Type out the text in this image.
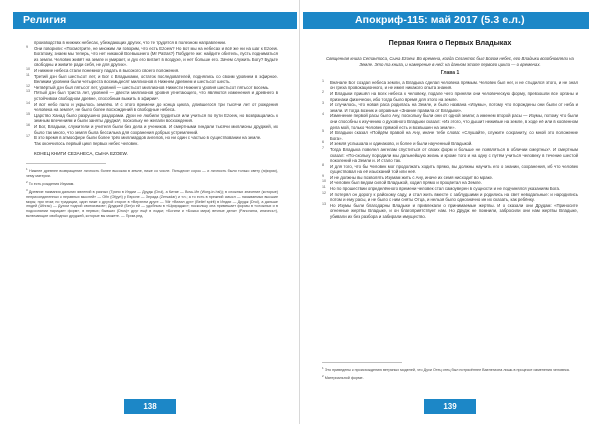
Религия
производства в нижних небесах, убеждающих других, что те трудятся в полезном направлении.
9 Они говорили: «Посмотрите, не множим ли говорим, что есть Ezoew? Но вот мы на небесах и всё же ни на шаг к Ezoew. Богатому, знаем мы теперь, что нет никакой Всевышнего (Мr Patras?) Побудете же: найдите обитель, пусть подниматься из земли. Человек живёт на земле и умирает, и дух его витает в воздухе, и нет больше его. Зачем служить Богу? Будьте свободны и живите ради себя, не для других».
10 И нижние небеса стали понемногу падать в высокого своего положения.
11 Третий дэн был шестьсот лет, и Бог с Владыками, остаток последователей, поднялись со своим уровнем в эфирное. Великим уровнем были четыреста восемьдесят миллионов в Нижнем древнем и шестьсот шесть.
12 Четвёртый дэн был пятьсот лет, уровней — шестьсот миллионов Нижести Нижнего уровня шестьсот пятьсот восемь.
13 Пятый дэн был триста лет, уровней — двести миллионов уровня угнетающего, что являются изменения и древнего в устойчивом свободном древне, способным выжить в эфирии¹.
14 И вот небо пало и укрылось землёю. И с этого времени до конца цикла, длившегося три тысячи лет от рождения человека на земле², не было более восхождений в свободные небеса.
15 Царство Ханад было разрушено раздорами. Духи не любили трудиться или учиться по пути Ezoew, но возвращались к земным влечениям и были заняты друджа³, поскольку не желали восхождения.
16 И Бог, Владыки, служители и учителя были без дела и учеников. И смертными гиндали тысячи миллионы друджей, их было так много, что земля была бессильна для сохранения добрых устремлений.
17 В это время в атмосфере были более трёх миллиардов ангелов, но ни один с частью в существовании на земле.
Так окончилось первый цикл первых небес человек.
КОНЕЦ КНИГИ СЕЗАНЕСА, СЫНА EZOEW.
$^1$ Нижнее древнее возвращение личность более высокая в земле, ниже со числе. Пятьдесят сорок — и личность были только свету (эфирии), чему материи.
$^2$ То есть рождения Изумам.
$^3$ Древние названия дальних явлений в разных (Трипо в Индии — Друдж (Drui), а Китае — Вочь-Ин (Worg-in-hsi)); в сложных значение (которые) неприсоединенных к неравных мыслей» — Ofin (Ofgyrt) у Европе — Зерада (Zersadar) и т.п.; а то есть в прежний смысл — называемых высшие миры; при этом; по традиции, один ниже с другой сторон в «Верхнем друге — 'Mir «Веаэл дух» (Belief spirit) в Индии — Друдж (Drui), а дальше людей (Uthrac) — Духом «одной святоизмов»; Друджей (Бег)и ей — удобным в «Шрираджи»; поскольку она примешает формы в «сложных и в подсознании нарицает форм», в первых; бывших (Drus)» друг ещё в лодки; «Богини и «Божья мира) вечные дела» (Panorama, иначесь»), включающие свободных друджей, которые вы можете. — Прим.ред.
138
Апокриф-115: май 2017 (5.3 е.л.)
Первая Книга о Первых Владыках
Священная книга Сетантоса, Сына Ezoew. Во времена, когда Сезантос был Богом небес, его Владыки возобновляли на Земле. Это та книга, и намерение в ней: на данном этапе первого цикла — о временах.
Глава 1
1 Вначале Бог создал небеса земли, а Владыка сделал человека прямым. Человек был нег, и не стыдился этого, и не знал он греха провокационного, и не имел никакого опыта знания.
2 И Владыки пришёл на всех небеса к человеку, подале чего приняли они человеческую форму, превзошли все органы и признаки физически, ибо тогда было время для этого на земле.
3 И случилось, что новая раса родилась на Земле, и было названа «Изумы», потому что порождены они были от неба и земли. И тогда возник и оправные «Знание правила от Владыки».
4 Изменение первой расы было Ану, поскольку были они от одной земли; а именем второй расы — Изумы, потому что были они способны к изучению о духовного Владыки сказал: «Из этого, что дышит неживые на земле, в ходе её или в косвенном дела мой, только Человек прямой есть и возвышен на земле».
5 И Владыки сказал «Пойдём правой на Ану, иначе тебе слова: «Слушайте, служите сохраниту, со мной это положение Бога».
6 И земля услышала и одинаково, и более и были наученный Владыкой.
7 Тогда Владыка повелел ангелам спуститься от своих форм и больше не появляться в обличии смертных¹. И смертным сказал: «По-скольку породили мы дальнейшую жизнь и кроме того и на одну с путём учиться человеку в течение шестой поколений на Земли и. И стало так.
8 И для того, что бы Человек мог продолжать ходить прямо, вы должны научить его о знании, сохранения, иб что человек существовал на её изысканий той или неё.
9 И не должны вы позволять Изумам жить с Ану, иначе их семя нисходит во мраке.
10 И человек был ведом силой Владыкой, ходил прямо и процветал на Земле.
11 Но по прошествии определённого времени человек стал самоуверен в сущности и не подчинялся указаниям Бога.
12 И потерял он дорогу к райскому саду, и стал жить вместе с заблудшими и родились на свет неводальные: и народились потом и ему расы, и не было с ним сняты Отца, и нельзя было однозначно ин их сказать, как ребёнку.
13 Но Изумы были благодарны Владыке и привлекали о принимаемые жертвы. И о сказали они Друдам: «Приносите огненные жертвы Владыке, и он благоприятствует нам. Но Друдж не помнили, забросили они нам жертвы Владыке, убивали их без разбора и забирали имущество.
$^1$ Это приведены к происхождению ветряных моделей, что Духи Отец отец был потрясённее Ваелегиона лишь в процессе изменения человека.
$^2$ Материальной форме.
139
